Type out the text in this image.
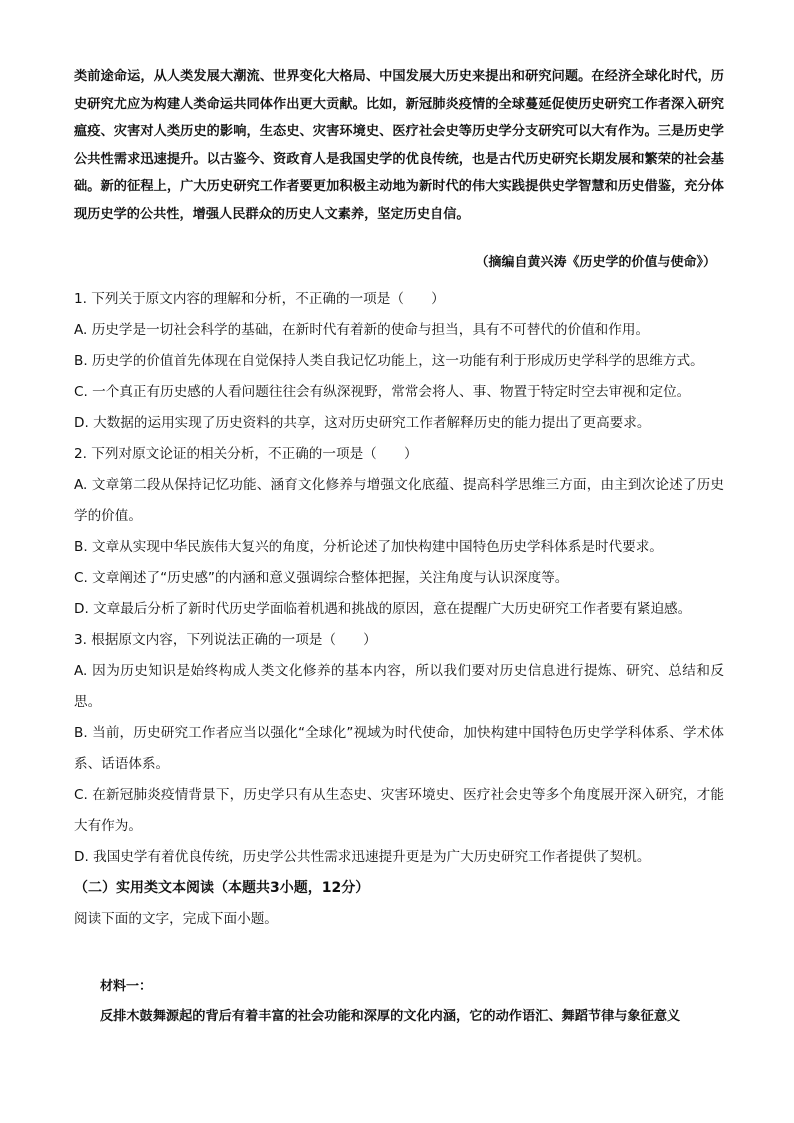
类前途命运，从人类发展大潮流、世界变化大格局、中国发展大历史来提出和研究问题。在经济全球化时代，历史研究尤应为构建人类命运共同体作出更大贡献。比如，新冠肺炎疫情的全球蔓延促使历史研究工作者深入研究瘟疫、灾害对人类历史的影响，生态史、灾害环境史、医疗社会史等历史学分支研究可以大有作为。三是历史学公共性需求迅速提升。以古鉴今、资政育人是我国史学的优良传统，也是古代历史研究长期发展和繁荣的社会基础。新的征程上，广大历史研究工作者要更加积极主动地为新时代的伟大实践提供史学智慧和历史借鉴，充分体现历史学的公共性，增强人民群众的历史人文素养，坚定历史自信。
（摘编自黄兴涛《历史学的价值与使命》）

1. 下列关于原文内容的理解和分析，不正确的一项是（　　）

A. 历史学是一切社会科学的基础，在新时代有着新的使命与担当，具有不可替代的价值和作用。

B. 历史学的价值首先体现在自觉保持人类自我记忆功能上，这一功能有利于形成历史学科学的思维方式。

C. 一个真正有历史感的人看问题往往会有纵深视野，常常会将人、事、物置于特定时空去审视和定位。

D. 大数据的运用实现了历史资料的共享，这对历史研究工作者解释历史的能力提出了更高要求。

2. 下列对原文论证的相关分析，不正确的一项是（　　）

A. 文章第二段从保持记忆功能、涵育文化修养与增强文化底蕴、提高科学思维三方面，由主到次论述了历史学的价值。

B. 文章从实现中华民族伟大复兴的角度，分析论述了加快构建中国特色历史学科体系是时代要求。

C. 文章阐述了“历史感”的内涵和意义强调综合整体把握，关注角度与认识深度等。

D. 文章最后分析了新时代历史学面临着机遇和挑战的原因，意在提醒广大历史研究工作者要有紧迫感。

3. 根据原文内容，下列说法正确的一项是（　　）

A. 因为历史知识是始终构成人类文化修养的基本内容，所以我们要对历史信息进行提炼、研究、总结和反思。

B. 当前，历史研究工作者应当以强化“全球化”视域为时代使命，加快构建中国特色历史学学科体系、学术体系、话语体系。

C. 在新冠肺炎疫情背景下，历史学只有从生态史、灾害环境史、医疗社会史等多个角度展开深入研究，才能大有作为。

D. 我国史学有着优良传统，历史学公共性需求迅速提升更是为广大历史研究工作者提供了契机。

（二）实用类文本阅读（本题共3小题，12分）

阅读下面的文字，完成下面小题。

材料一：
反排木鼓舞源起的背后有着丰富的社会功能和深厚的文化内涵，它的动作语汇、舞蹈节律与象征意义
